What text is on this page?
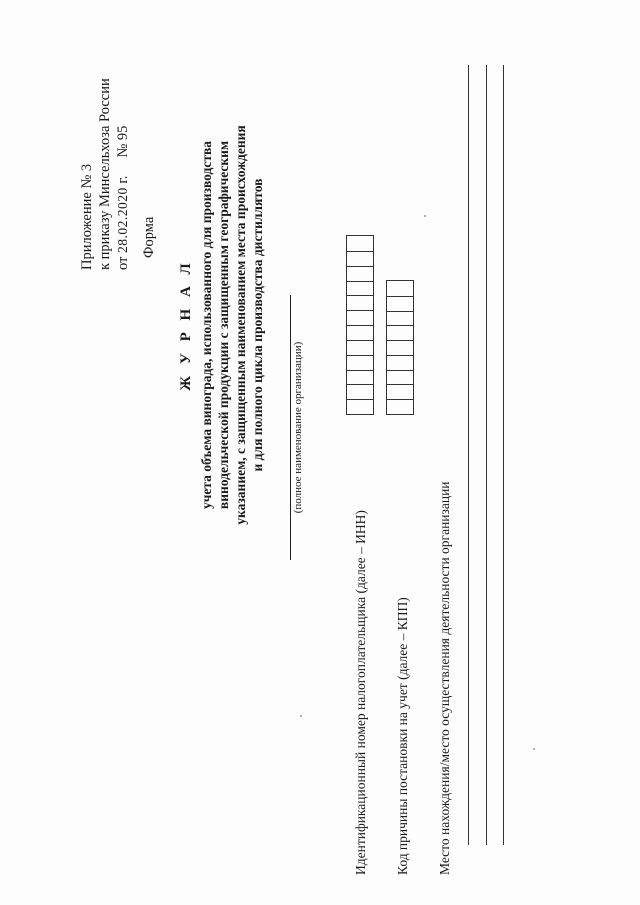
Приложение № 3 к приказу Минсельхоза России от 28.02.2020 г.     № 95
Форма
Ж У Р Н А Л учета объема винограда, использованного для производства винодельческой продукции с защищенным географическим указанием, с защищенным наименованием места происхождения и для полного цикла производства дистиллятов (полное наименование организации)
Идентификационный номер налогоплательщика (далее – ИНН) Код причины постановки на учет (далее – КПП) Место нахождения/место осуществления деятельности организации
